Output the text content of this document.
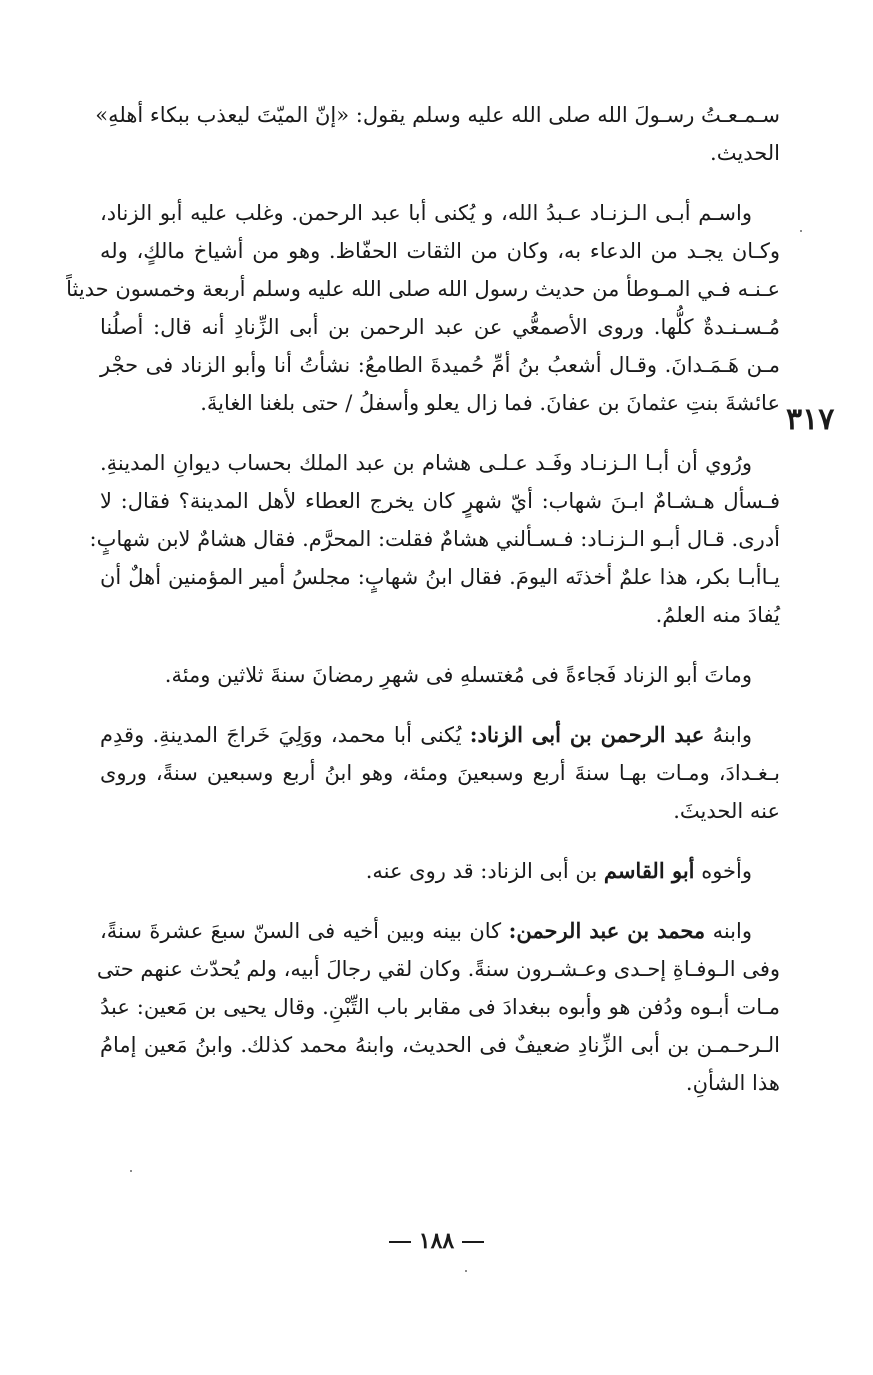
٣١٧

سـمـعـتُ رسـولَ الله صلى الله عليه وسلم يقول: «إنّ الميّتَ ليعذب ببكاء أهلهِ»
الحديث.

واسـم أبـى الـزنـاد عـبدُ الله، و يُكنى أبا عبد الرحمن. وغلب عليه أبو الزناد،
وكـان يجـد من الدعاء به، وكان من الثقات الحفّاظ. وهو من أشياخ مالكٍ، وله
عـنـه فـي المـوطأ من حديث رسول الله صلى الله عليه وسلم أربعة وخمسون حديثاً
مُـسـنـدةٌ كلُّها. وروى الأصمعُّي عن عبد الرحمن بن أبى الزِّنادِ أنه قال: أصلُنا
مـن هَـمَـدانَ. وقـال أشعبُ بنُ أمِّ حُميدةَ الطامعُ: نشأتُ أنا وأبو الزناد فى حجْر
عائشةَ بنتِ عثمانَ بن عفانَ. فما زال يعلو وأسفلُ / حتى بلغنا الغايةَ.

ورُوي أن أبـا الـزنـاد وفَـد عـلـى هشام بن عبد الملك بحساب ديوانِ المدينةِ.
فـسأل هـشـامٌ ابـنَ شهاب: أيّ شهرٍ كان يخرج العطاء لأهل المدينة؟ فقال: لا
أدرى. قـال أبـو الـزنـاد: فـسـألني هشامٌ فقلت: المحرَّم. فقال هشامٌ لابن شهابٍ:
يـاأبـا بكر، هذا علمٌ أخذتَه اليومَ. فقال ابنُ شهابٍ: مجلسُ أمير المؤمنين أهلٌ أن
يُفادَ منه العلمُ.

وماتَ أبو الزناد فَجاءةً فى مُغتسلهِ فى شهرِ رمضانَ سنةَ ثلاثين ومئة.

وابنهُ عبد الرحمن بن أبى الزناد: يُكنى أبا محمد، ووَلِيَ خَراجَ المدينةِ. وقدِم
بـغـدادَ، ومـات بهـا سنةَ أربع وسبعينَ ومئة، وهو ابنُ أربع وسبعين سنةً، وروى
عنه الحديثَ.

وأخوه أبو القاسم بن أبى الزناد: قد روى عنه.

وابنه محمد بن عبد الرحمن: كان بينه وبين أخيه فى السنّ سبعَ عشرةَ سنةً،
وفى الـوفـاةِ إحـدى وعـشـرون سنةً. وكان لقي رجالَ أبيه، ولم يُحدّث عنهم حتى
مـات أبـوه ودُفن هو وأبوه ببغدادَ فى مقابر باب التِّبْنِ. وقال يحيى بن مَعين: عبدُ
الـرحـمـن بن أبى الزِّنادِ ضعيفٌ فى الحديث، وابنهُ محمد كذلك. وابنُ مَعين إمامُ
هذا الشأنِ.

١٨٨
